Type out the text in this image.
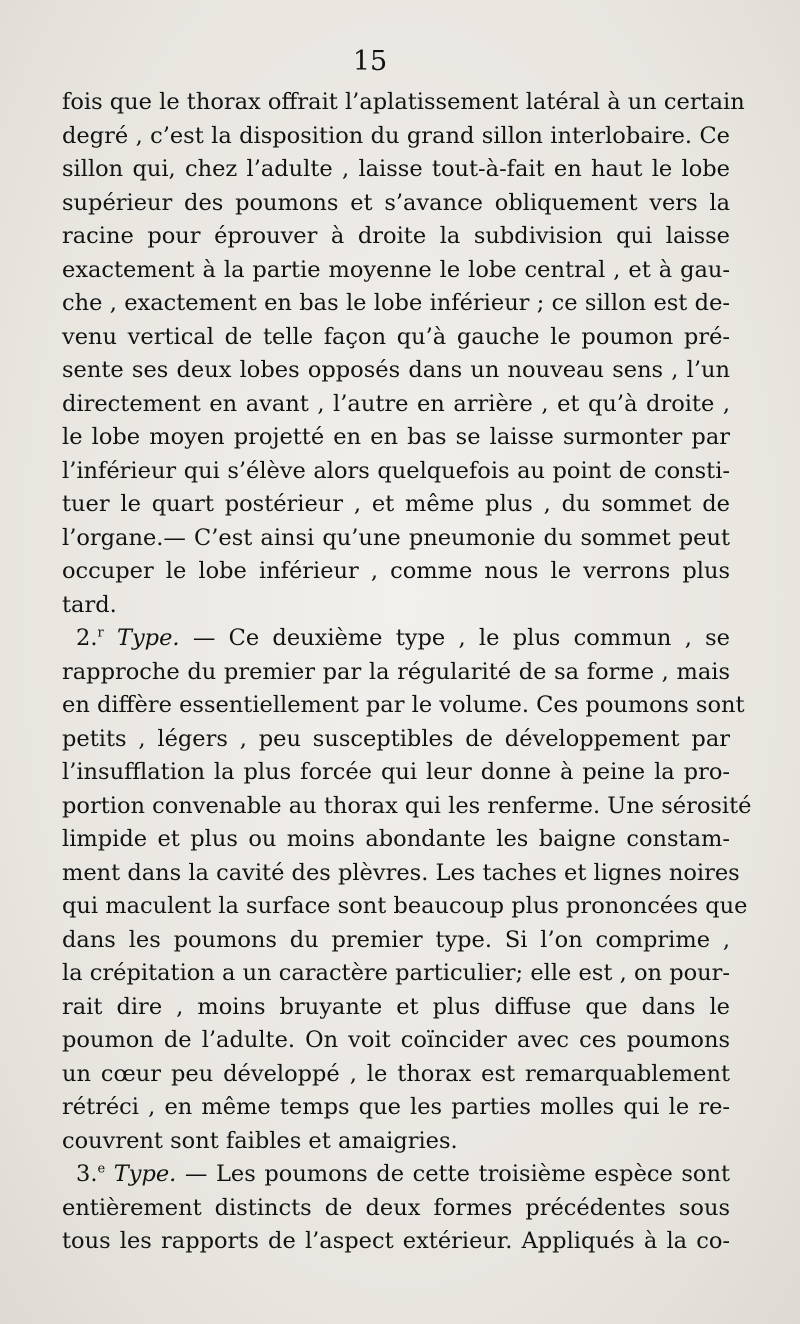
15
fois que le thorax offrait l’aplatissement latéral à un certain
degré , c’est la disposition du grand sillon interlobaire. Ce
sillon qui, chez l’adulte , laisse tout-à-fait en haut le lobe
supérieur des poumons et s’avance obliquement vers la
racine pour éprouver à droite la subdivision qui laisse
exactement à la partie moyenne le lobe central , et à gau-
che , exactement en bas le lobe inférieur ; ce sillon est de-
venu vertical de telle façon qu’à gauche le poumon pré-
sente ses deux lobes opposés dans un nouveau sens , l’un
directement en avant , l’autre en arrière , et qu’à droite ,
le lobe moyen projetté en en bas se laisse surmonter par
l’inférieur qui s’élève alors quelquefois au point de consti-
tuer le quart postérieur , et même plus , du sommet de
l’organe.— C’est ainsi qu’une pneumonie du sommet peut
occuper le lobe inférieur , comme nous le verrons plus
tard.
2.$^r$ Type. — Ce deuxième type , le plus commun , se
rapproche du premier par la régularité de sa forme , mais
en diffère essentiellement par le volume. Ces poumons sont
petits , légers , peu susceptibles de développement par
l’insufflation la plus forcée qui leur donne à peine la pro-
portion convenable au thorax qui les renferme. Une sérosité
limpide et plus ou moins abondante les baigne constam-
ment dans la cavité des plèvres. Les taches et lignes noires
qui maculent la surface sont beaucoup plus prononcées que
dans les poumons du premier type. Si l’on comprime ,
la crépitation a un caractère particulier; elle est , on pour-
rait dire , moins bruyante et plus diffuse que dans le
poumon de l’adulte. On voit coïncider avec ces poumons
un cœur peu développé , le thorax est remarquablement
rétréci , en même temps que les parties molles qui le re-
couvrent sont faibles et amaigries.
3.$^e$ Type. — Les poumons de cette troisième espèce sont
entièrement distincts de deux formes précédentes sous
tous les rapports de l’aspect extérieur. Appliqués à la co-
